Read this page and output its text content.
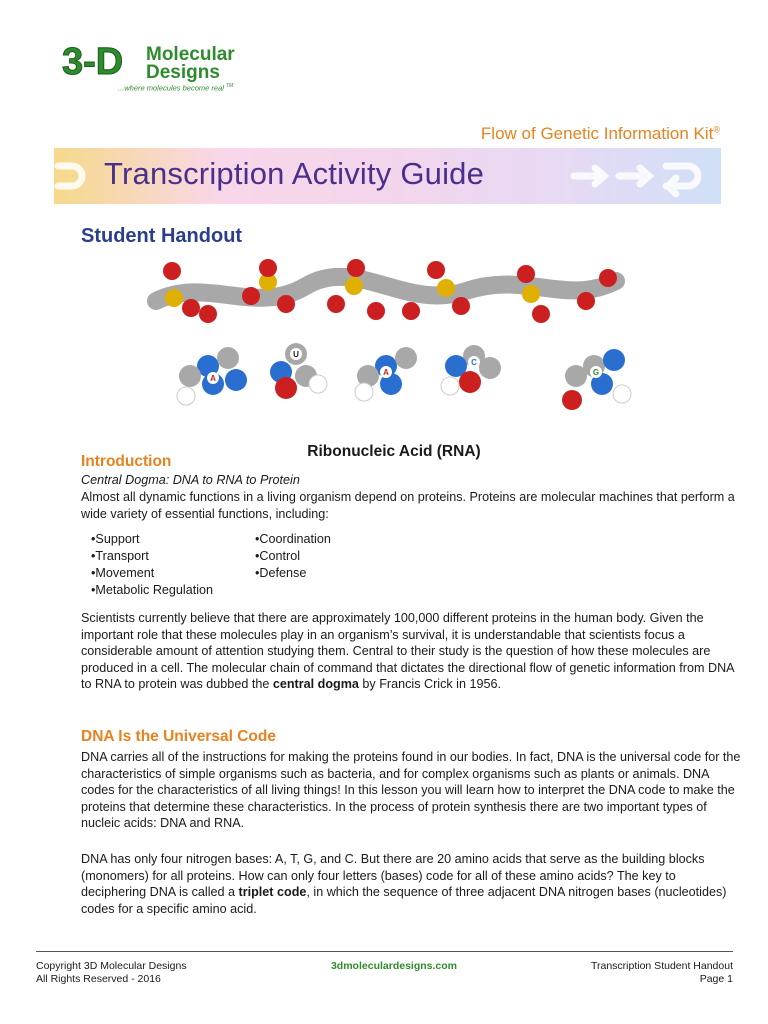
3-D Molecular
Designs
...where molecules become real ™
Flow of Genetic Information Kit®
Transcription Activity Guide
Student Handout
A
U
A
C
G
Ribonucleic Acid (RNA)
Introduction

Central Dogma: DNA to RNA to Protein

Almost all dynamic functions in a living organism depend on proteins. Proteins are molecular machines that perform a wide variety of essential functions, including:

• Support
• Transport
• Movement
• Metabolic Regulation
• Coordination
• Control
• Defense

Scientists currently believe that there are approximately 100,000 different proteins in the human body. Given the important role that these molecules play in an organism’s survival, it is understandable that scientists focus a considerable amount of attention studying them. Central to their study is the question of how these molecules are produced in a cell. The molecular chain of command that dictates the directional flow of genetic information from DNA to RNA to protein was dubbed the central dogma by Francis Crick in 1956.

DNA Is the Universal Code

DNA carries all of the instructions for making the proteins found in our bodies. In fact, DNA is the universal code for the characteristics of simple organisms such as bacteria, and for complex organisms such as plants or animals. DNA codes for the characteristics of all living things! In this lesson you will learn how to interpret the DNA code to make the proteins that determine these characteristics. In the process of protein synthesis there are two important types of nucleic acids: DNA and RNA.

DNA has only four nitrogen bases: A, T, G, and C. But there are 20 amino acids that serve as the building blocks (monomers) for all proteins. How can only four letters (bases) code for all of these amino acids? The key to deciphering DNA is called a triplet code, in which the sequence of three adjacent DNA nitrogen bases (nucleotides) codes for a specific amino acid.

Copyright 3D Molecular Designs
All Rights Reserved - 2016
3dmoleculardesigns.com	Transcription Student Handout
Page 1
